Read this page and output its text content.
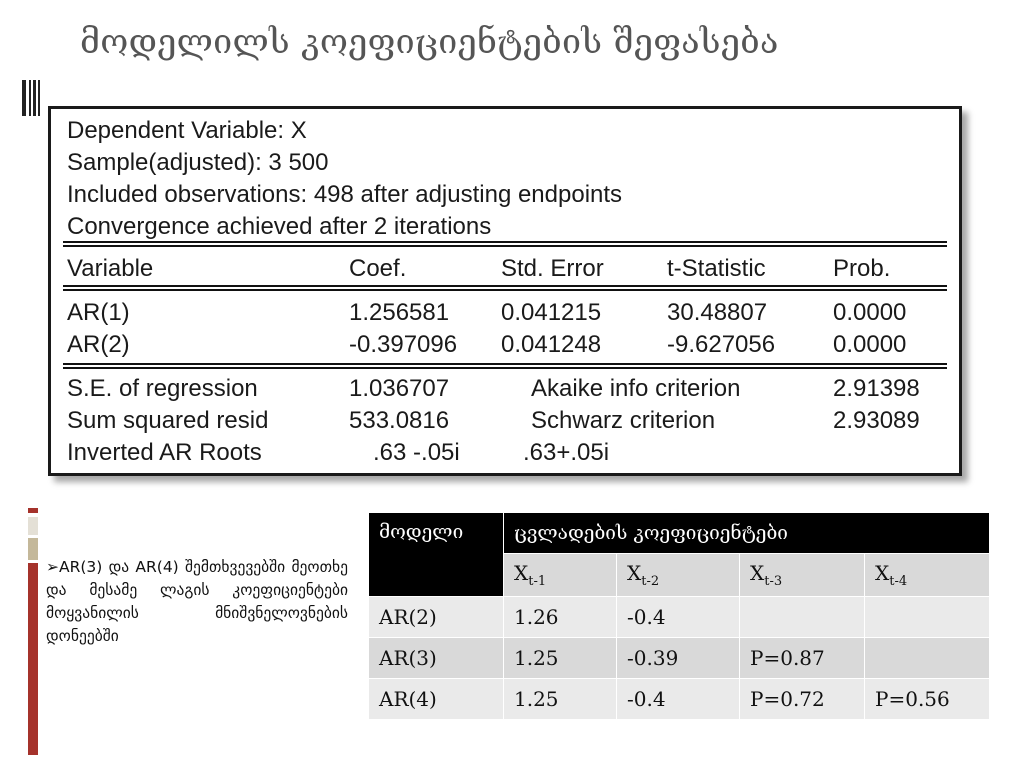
მოდელილს კოეფიციენტების შეფასება
Dependent Variable: X
Sample(adjusted): 3 500
Included observations: 498 after adjusting endpoints
Convergence achieved after 2 iterations
Variable	Coef.	Std. Error	t-Statistic	Prob.
AR(1)	1.256581 0.041215	30.48807	0.0000
AR(2)	-0.397096 0.041248	-9.627056 0.0000
S.E. of regression	1.036707	Akaike info criterion	2.91398
Sum squared resid	533.0816	Schwarz criterion	2.93089
Inverted AR Roots	.63 -.05i	.63+.05i
➢AR(3) და AR(4) შემთხვევებში მეოთხე და მესამე ლაგის კოეფიციენტები მოყვანილის მნიშვნელოვნების დონეებში
მოდელი	ცვლადების კოეფიციენტები			
	$X_{t-1}$	$X_{t-2}$	$X_{t-3}$	$X_{t-4}$
AR(2)	1.26	-0.4		
AR(3)	1.25	-0.39	P=0.87	
AR(4)	1.25	-0.4	P=0.72	P=0.56
